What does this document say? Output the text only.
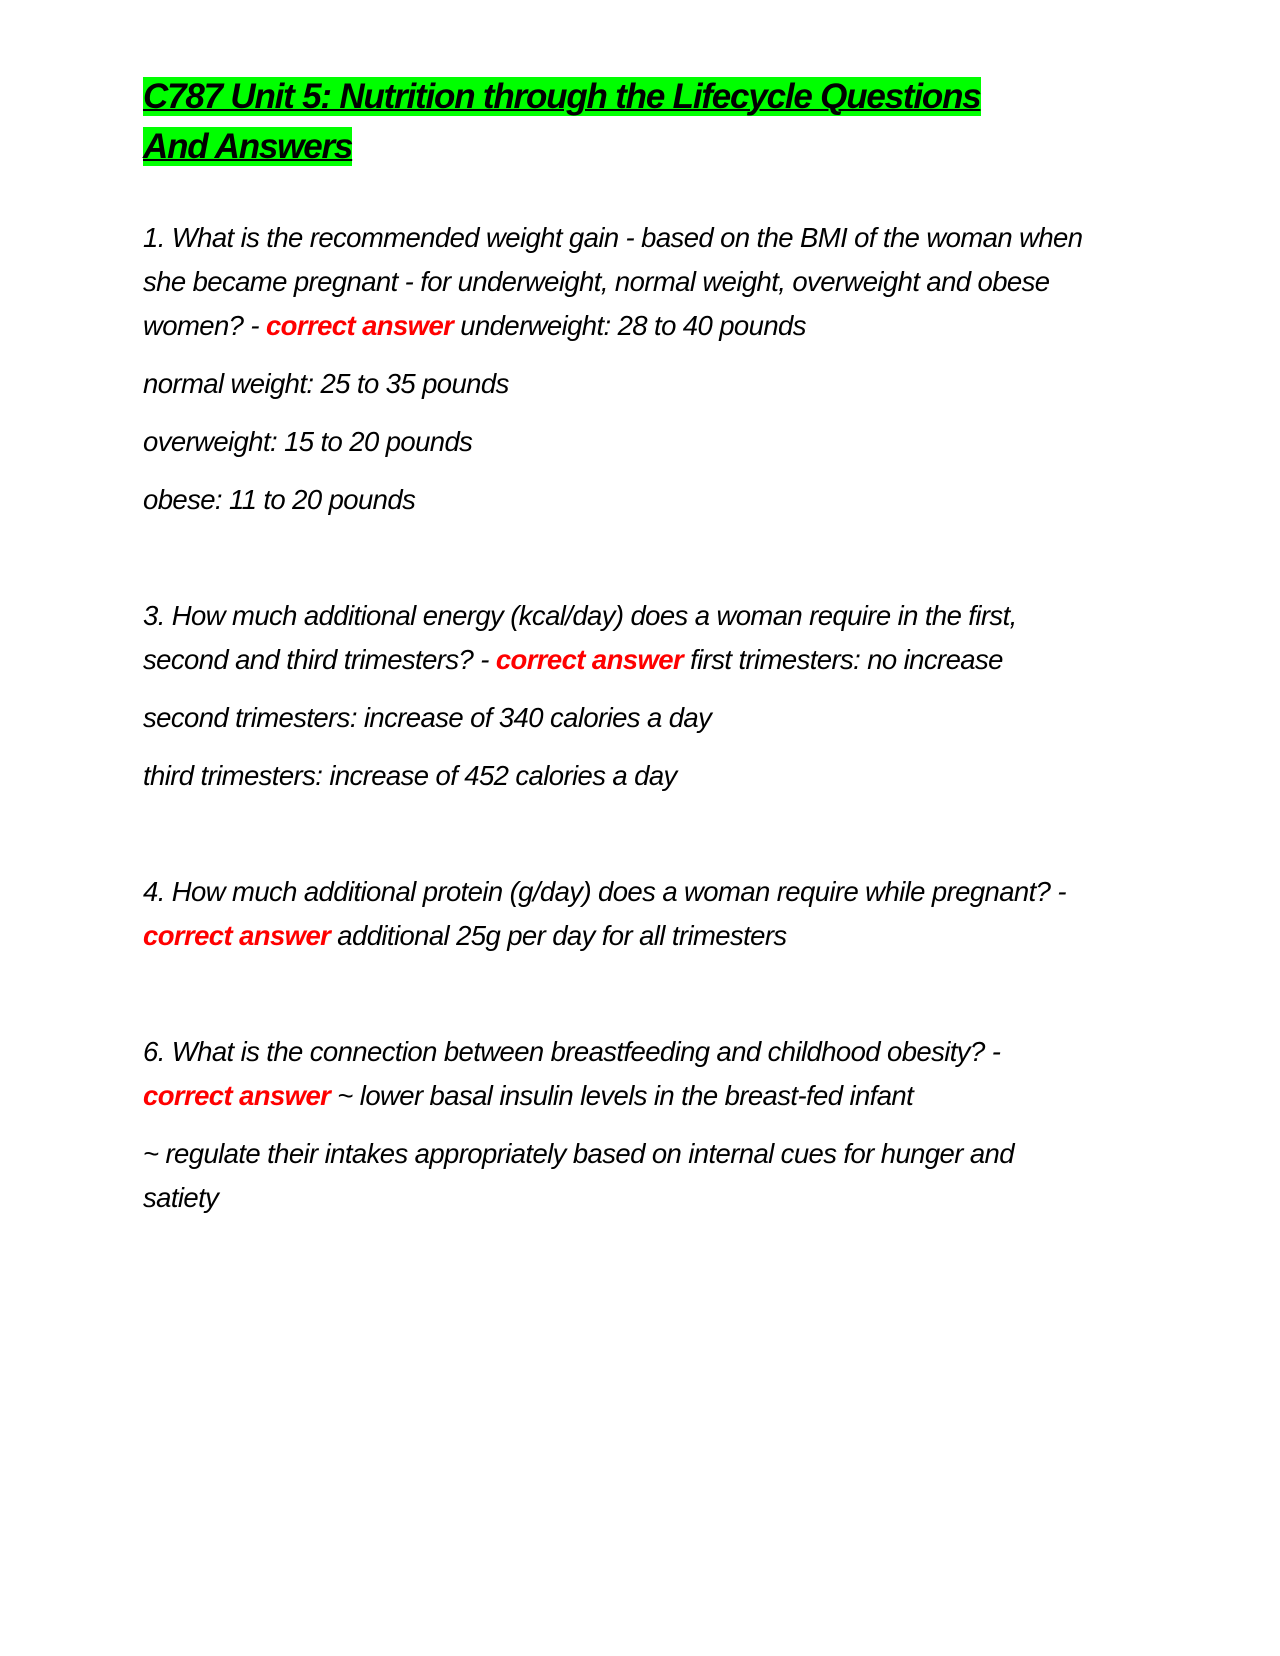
C787 Unit 5: Nutrition through the Lifecycle Questions
And Answers

1. What is the recommended weight gain - based on the BMI of the woman when she became pregnant - for underweight, normal weight, overweight and obese women? - correct answer underweight: 28 to 40 pounds

normal weight: 25 to 35 pounds

overweight: 15 to 20 pounds

obese: 11 to 20 pounds

3. How much additional energy (kcal/day) does a woman require in the first, second and third trimesters? - correct answer first trimesters: no increase

second trimesters: increase of 340 calories a day

third trimesters: increase of 452 calories a day

4. How much additional protein (g/day) does a woman require while pregnant? - correct answer additional 25g per day for all trimesters

6. What is the connection between breastfeeding and childhood obesity? - correct answer ~ lower basal insulin levels in the breast-fed infant

~ regulate their intakes appropriately based on internal cues for hunger and satiety
